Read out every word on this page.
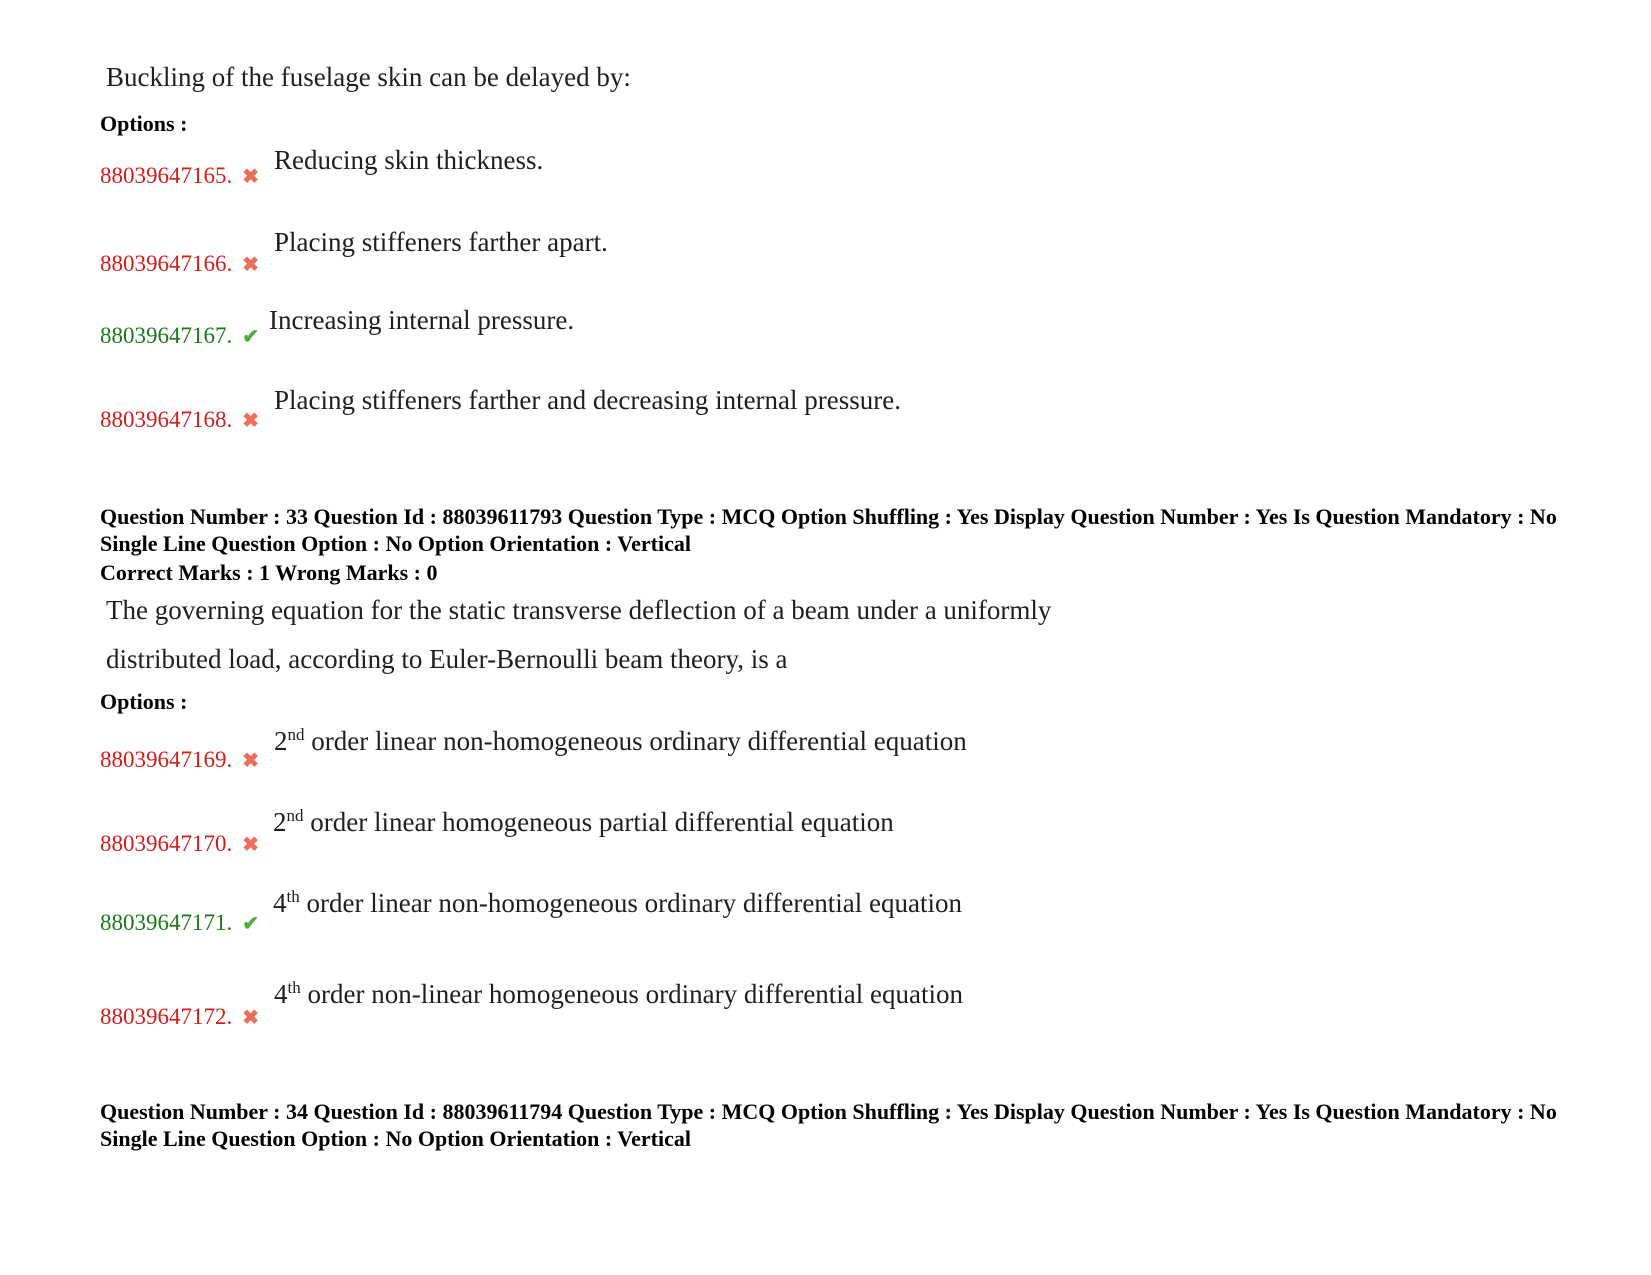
Buckling of the fuselage skin can be delayed by:
Options :
88039647165. ✖
Reducing skin thickness.
88039647166. ✖
Placing stiffeners farther apart.
88039647167. ✔
Increasing internal pressure.
88039647168. ✖
Placing stiffeners farther and decreasing internal pressure.
Question Number : 33 Question Id : 88039611793 Question Type : MCQ Option Shuffling : Yes Display Question Number : Yes Is Question Mandatory : No Single Line Question Option : No Option Orientation : Vertical
Correct Marks : 1 Wrong Marks : 0
The governing equation for the static transverse deflection of a beam under a uniformly
distributed load, according to Euler-Bernoulli beam theory, is a
Options :
88039647169. ✖
2nd order linear non-homogeneous ordinary differential equation
88039647170. ✖
2nd order linear homogeneous partial differential equation
88039647171. ✔
4th order linear non-homogeneous ordinary differential equation
88039647172. ✖
4th order non-linear homogeneous ordinary differential equation
Question Number : 34 Question Id : 88039611794 Question Type : MCQ Option Shuffling : Yes Display Question Number : Yes Is Question Mandatory : No Single Line Question Option : No Option Orientation : Vertical
